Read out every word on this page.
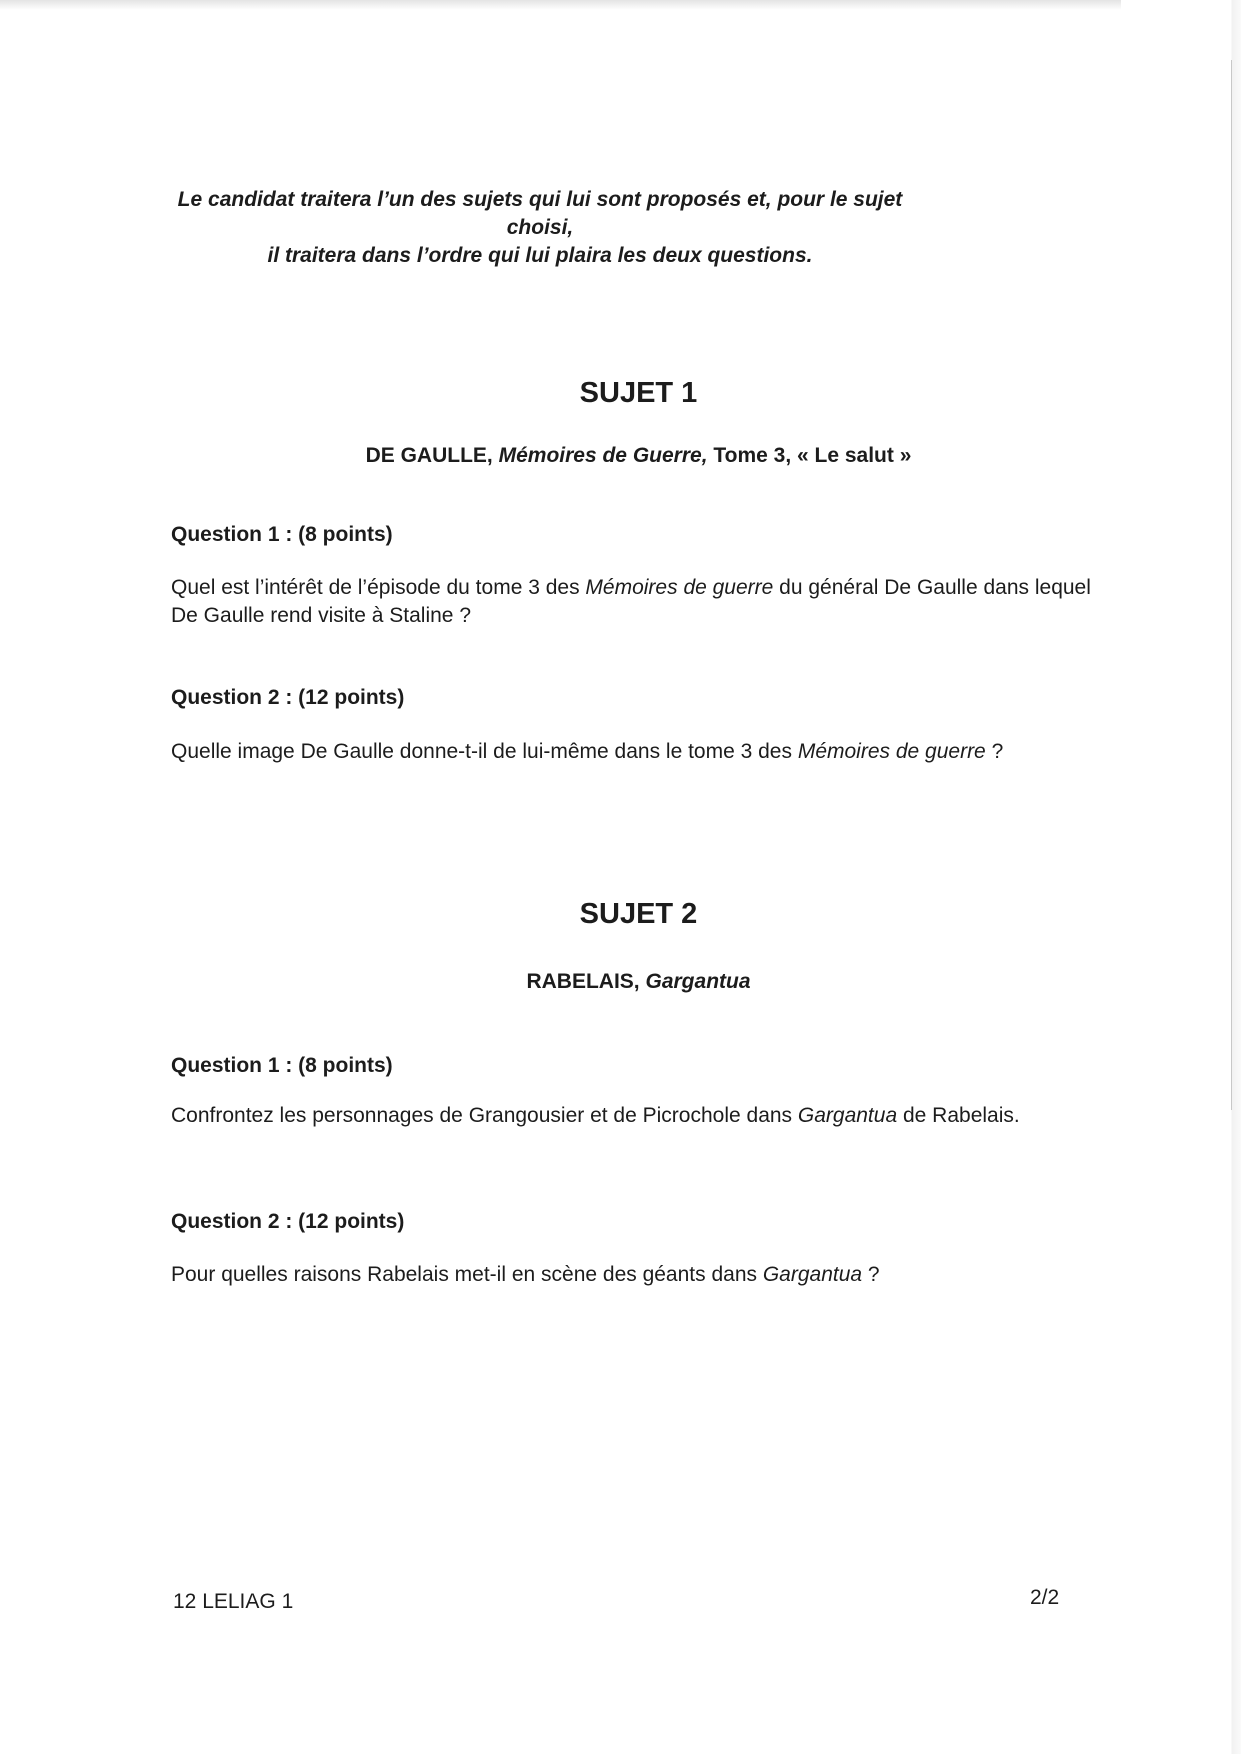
Le candidat traitera l’un des sujets qui lui sont proposés et, pour le sujet choisi,
il traitera dans l’ordre qui lui plaira les deux questions.
SUJET 1
DE GAULLE, Mémoires de Guerre, Tome 3, « Le salut »
Question 1 : (8 points)
Quel est l’intérêt de l’épisode du tome 3 des Mémoires de guerre du général De Gaulle dans lequel De Gaulle rend visite à Staline ?
Question 2 : (12 points)
Quelle image De Gaulle donne-t-il de lui-même dans le tome 3 des Mémoires de guerre ?
SUJET 2
RABELAIS, Gargantua
Question 1 : (8 points)
Confrontez les personnages de Grangousier et de Picrochole dans Gargantua de Rabelais.
Question 2 : (12 points)
Pour quelles raisons Rabelais met-il en scène des géants dans Gargantua ?
12 LELIAG 1	2/2
